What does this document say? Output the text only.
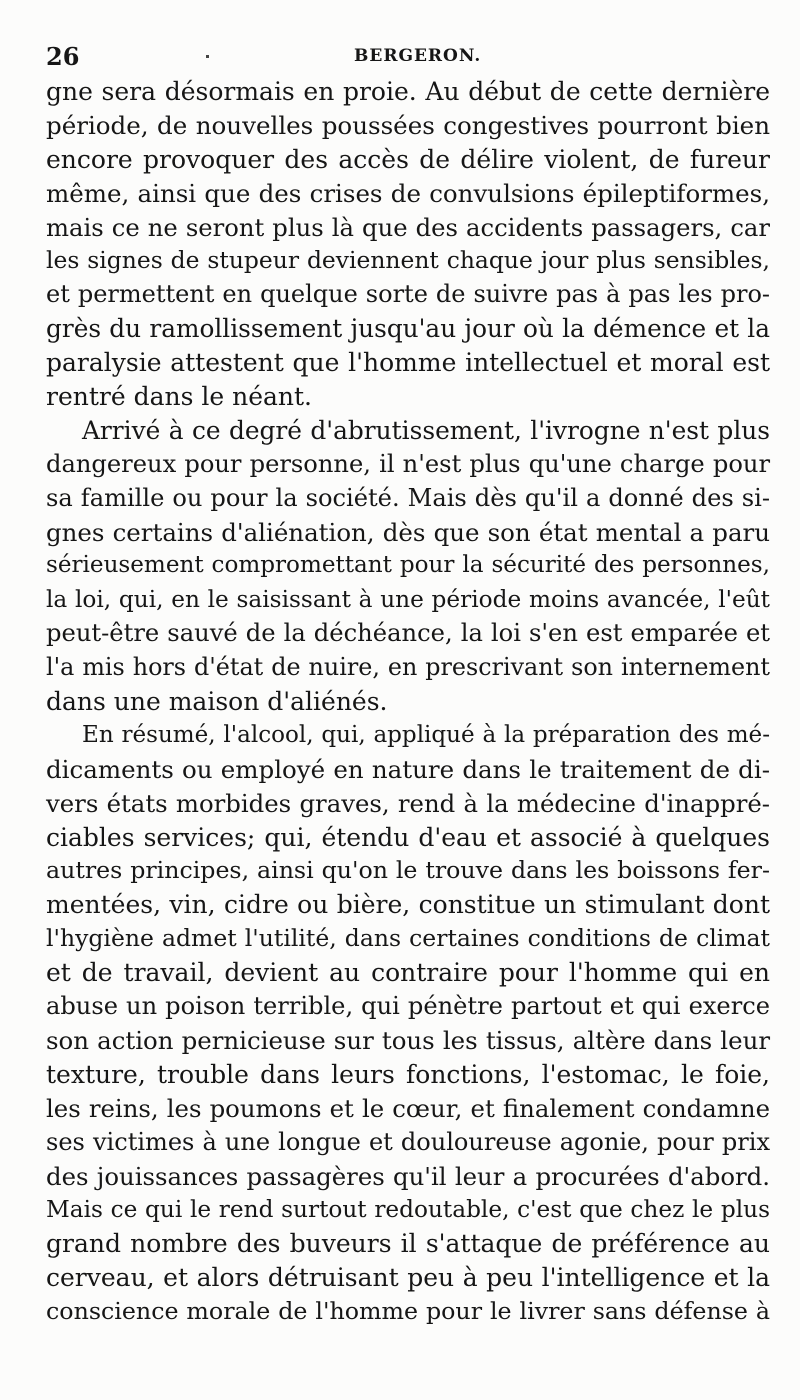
26	BERGERON.
gne sera désormais en proie. Au début de cette dernière
période, de nouvelles poussées congestives pourront bien
encore provoquer des accès de délire violent, de fureur
même, ainsi que des crises de convulsions épileptiformes,
mais ce ne seront plus là que des accidents passagers, car
les signes de stupeur deviennent chaque jour plus sensibles,
et permettent en quelque sorte de suivre pas à pas les pro-
grès du ramollissement jusqu'au jour où la démence et la
paralysie attestent que l'homme intellectuel et moral est
rentré dans le néant.
Arrivé à ce degré d'abrutissement, l'ivrogne n'est plus
dangereux pour personne, il n'est plus qu'une charge pour
sa famille ou pour la société. Mais dès qu'il a donné des si-
gnes certains d'aliénation, dès que son état mental a paru
sérieusement compromettant pour la sécurité des personnes,
la loi, qui, en le saisissant à une période moins avancée, l'eût
peut-être sauvé de la déchéance, la loi s'en est emparée et
l'a mis hors d'état de nuire, en prescrivant son internement
dans une maison d'aliénés.
En résumé, l'alcool, qui, appliqué à la préparation des mé-
dicaments ou employé en nature dans le traitement de di-
vers états morbides graves, rend à la médecine d'inappré-
ciables services; qui, étendu d'eau et associé à quelques
autres principes, ainsi qu'on le trouve dans les boissons fer-
mentées, vin, cidre ou bière, constitue un stimulant dont
l'hygiène admet l'utilité, dans certaines conditions de climat
et de travail, devient au contraire pour l'homme qui en
abuse un poison terrible, qui pénètre partout et qui exerce
son action pernicieuse sur tous les tissus, altère dans leur
texture, trouble dans leurs fonctions, l'estomac, le foie,
les reins, les poumons et le cœur, et finalement condamne
ses victimes à une longue et douloureuse agonie, pour prix
des jouissances passagères qu'il leur a procurées d'abord.
Mais ce qui le rend surtout redoutable, c'est que chez le plus
grand nombre des buveurs il s'attaque de préférence au
cerveau, et alors détruisant peu à peu l'intelligence et la
conscience morale de l'homme pour le livrer sans défense à
